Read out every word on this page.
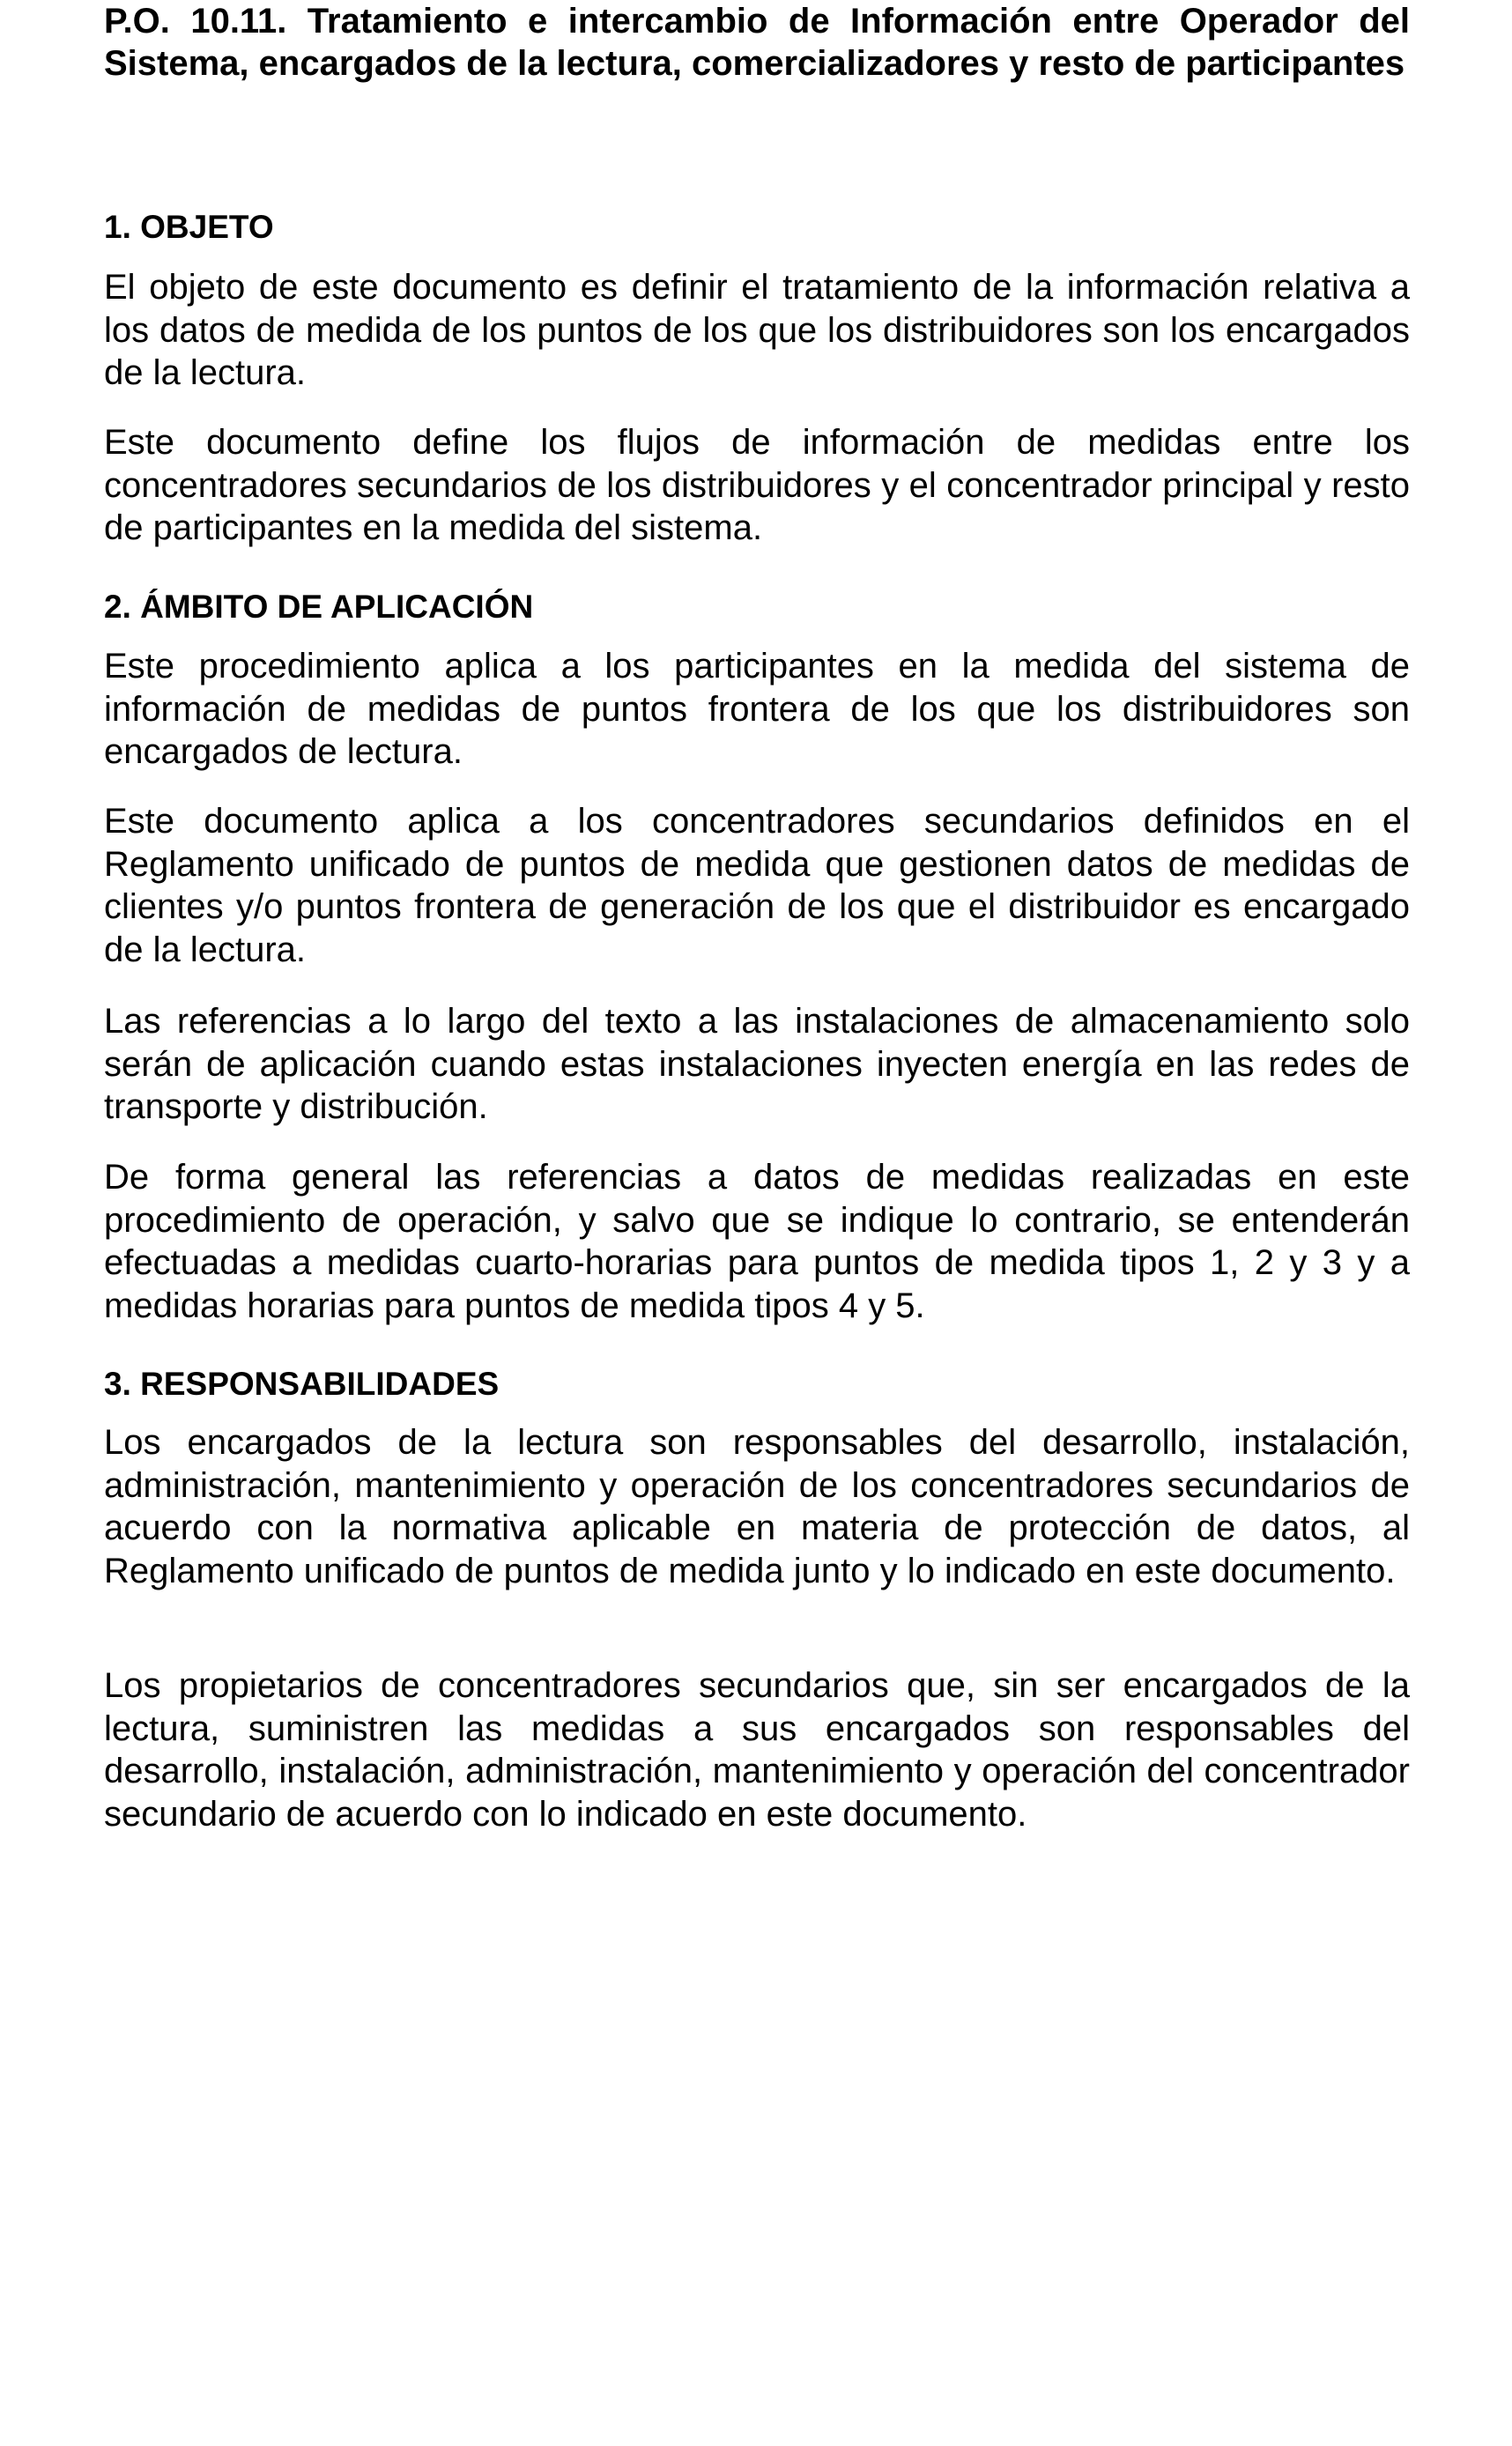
P.O. 10.11. Tratamiento e intercambio de Información entre Operador del Sistema, encargados de la lectura, comercializadores y resto de participantes
1. OBJETO

El objeto de este documento es definir el tratamiento de la información relativa a los datos de medida de los puntos de los que los distribuidores son los encargados de la lectura.

Este documento define los flujos de información de medidas entre los concentradores secundarios de los distribuidores y el concentrador principal y resto de participantes en la medida del sistema.

2. ÁMBITO DE APLICACIÓN

Este procedimiento aplica a los participantes en la medida del sistema de información de medidas de puntos frontera de los que los distribuidores son encargados de lectura.

Este documento aplica a los concentradores secundarios definidos en el Reglamento unificado de puntos de medida que gestionen datos de medidas de clientes y/o puntos frontera de generación de los que el distribuidor es encargado de la lectura.

Las referencias a lo largo del texto a las instalaciones de almacenamiento solo serán de aplicación cuando estas instalaciones inyecten energía en las redes de transporte y distribución.

De forma general las referencias a datos de medidas realizadas en este procedimiento de operación, y salvo que se indique lo contrario, se entenderán efectuadas a medidas cuarto-horarias para puntos de medida tipos 1, 2 y 3 y a medidas horarias para puntos de medida tipos 4 y 5.

3. RESPONSABILIDADES

Los encargados de la lectura son responsables del desarrollo, instalación, administración, mantenimiento y operación de los concentradores secundarios de acuerdo con la normativa aplicable en materia de protección de datos, al Reglamento unificado de puntos de medida junto y lo indicado en este documento.

Los propietarios de concentradores secundarios que, sin ser encargados de la lectura, suministren las medidas a sus encargados son responsables del desarrollo, instalación, administración, mantenimiento y operación del concentrador secundario de acuerdo con lo indicado en este documento.
